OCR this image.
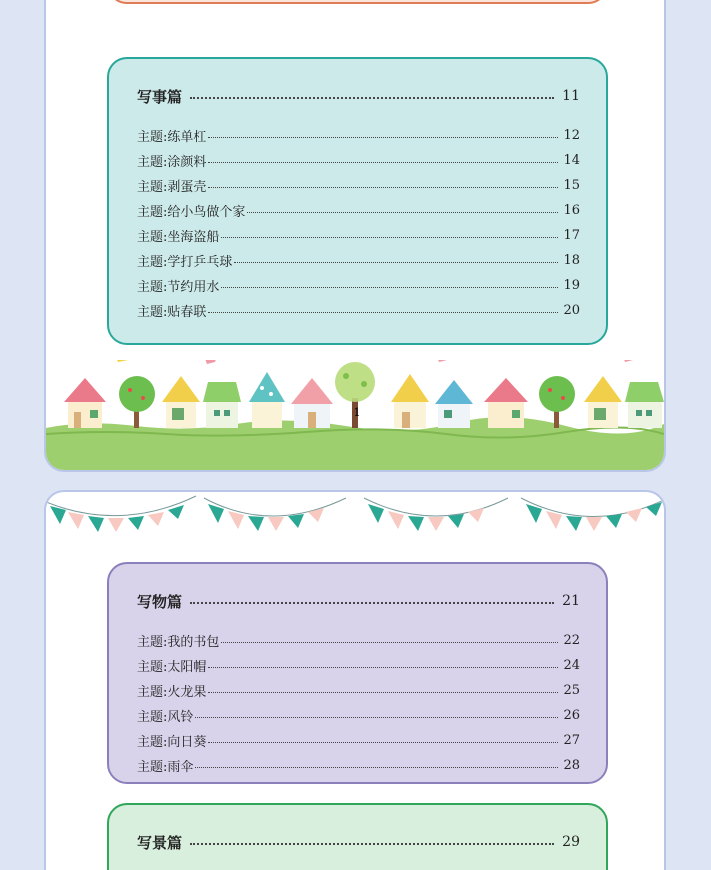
写事篇	11
主题:练单杠	12
主题:涂颜料	14
主题:剥蛋壳	15
主题:给小鸟做个家	16
主题:坐海盗船	17
主题:学打乒乓球	18
主题:节约用水	19
主题:贴春联	20
1
写物篇	21
主题:我的书包	22
主题:太阳帽	24
主题:火龙果	25
主题:风铃	26
主题:向日葵	27
主题:雨伞	28
写景篇	29
